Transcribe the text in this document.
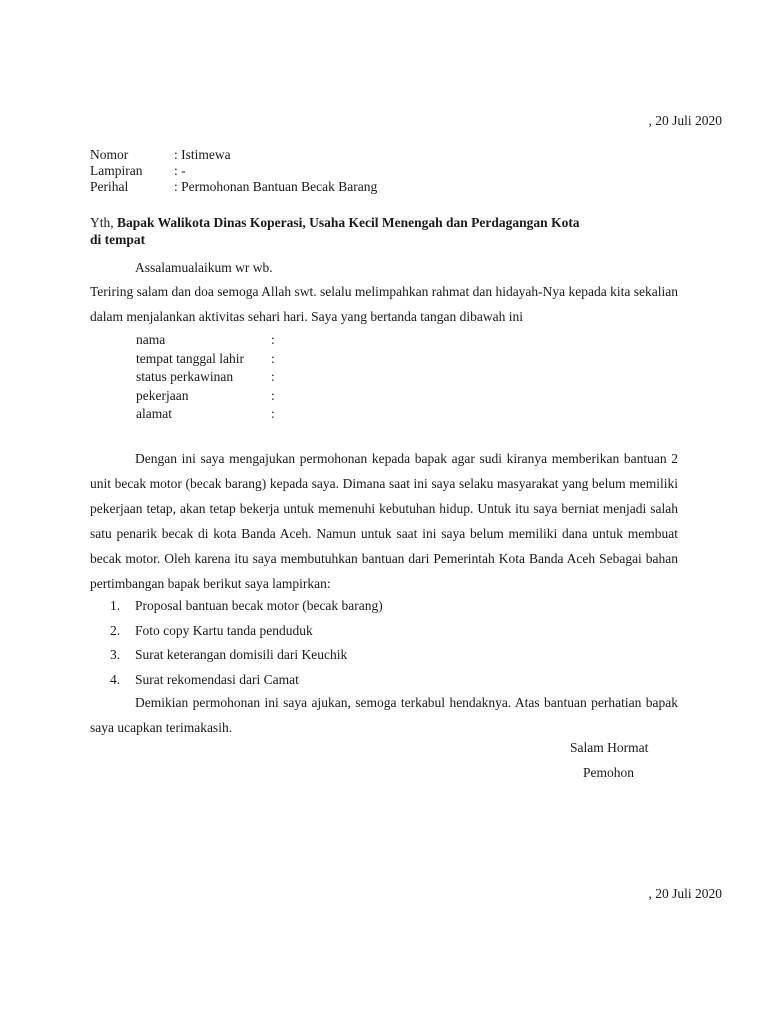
, 20 Juli 2020
Nomor	: Istimewa
Lampiran	: -
Perihal	: Permohonan Bantuan Becak Barang
Yth, Bapak Walikota Dinas Koperasi, Usaha Kecil Menengah dan Perdagangan Kota
di tempat
Assalamualaikum wr wb.
Teriring salam dan doa semoga Allah swt. selalu melimpahkan rahmat dan hidayah-Nya kepada kita sekalian dalam menjalankan aktivitas sehari hari. Saya yang bertanda tangan dibawah ini
nama	:
tempat tanggal lahir	:
status perkawinan	:
pekerjaan	:
alamat	:
Dengan ini saya mengajukan permohonan kepada bapak agar sudi kiranya memberikan bantuan 2 unit becak motor (becak barang) kepada saya. Dimana saat ini saya selaku masyarakat yang belum memiliki pekerjaan tetap, akan tetap bekerja untuk memenuhi kebutuhan hidup. Untuk itu saya berniat menjadi salah satu penarik becak di kota Banda Aceh. Namun untuk saat ini saya belum memiliki dana untuk membuat becak motor. Oleh karena itu saya membutuhkan bantuan dari Pemerintah Kota Banda Aceh Sebagai bahan pertimbangan bapak berikut saya lampirkan:
1.	Proposal bantuan becak motor (becak barang)
2.	Foto copy Kartu tanda penduduk
3.	Surat keterangan domisili dari Keuchik
4.	Surat rekomendasi dari Camat
Demikian permohonan ini saya ajukan, semoga terkabul hendaknya. Atas bantuan perhatian bapak saya ucapkan terimakasih.
Salam Hormat
Pemohon
, 20 Juli 2020
